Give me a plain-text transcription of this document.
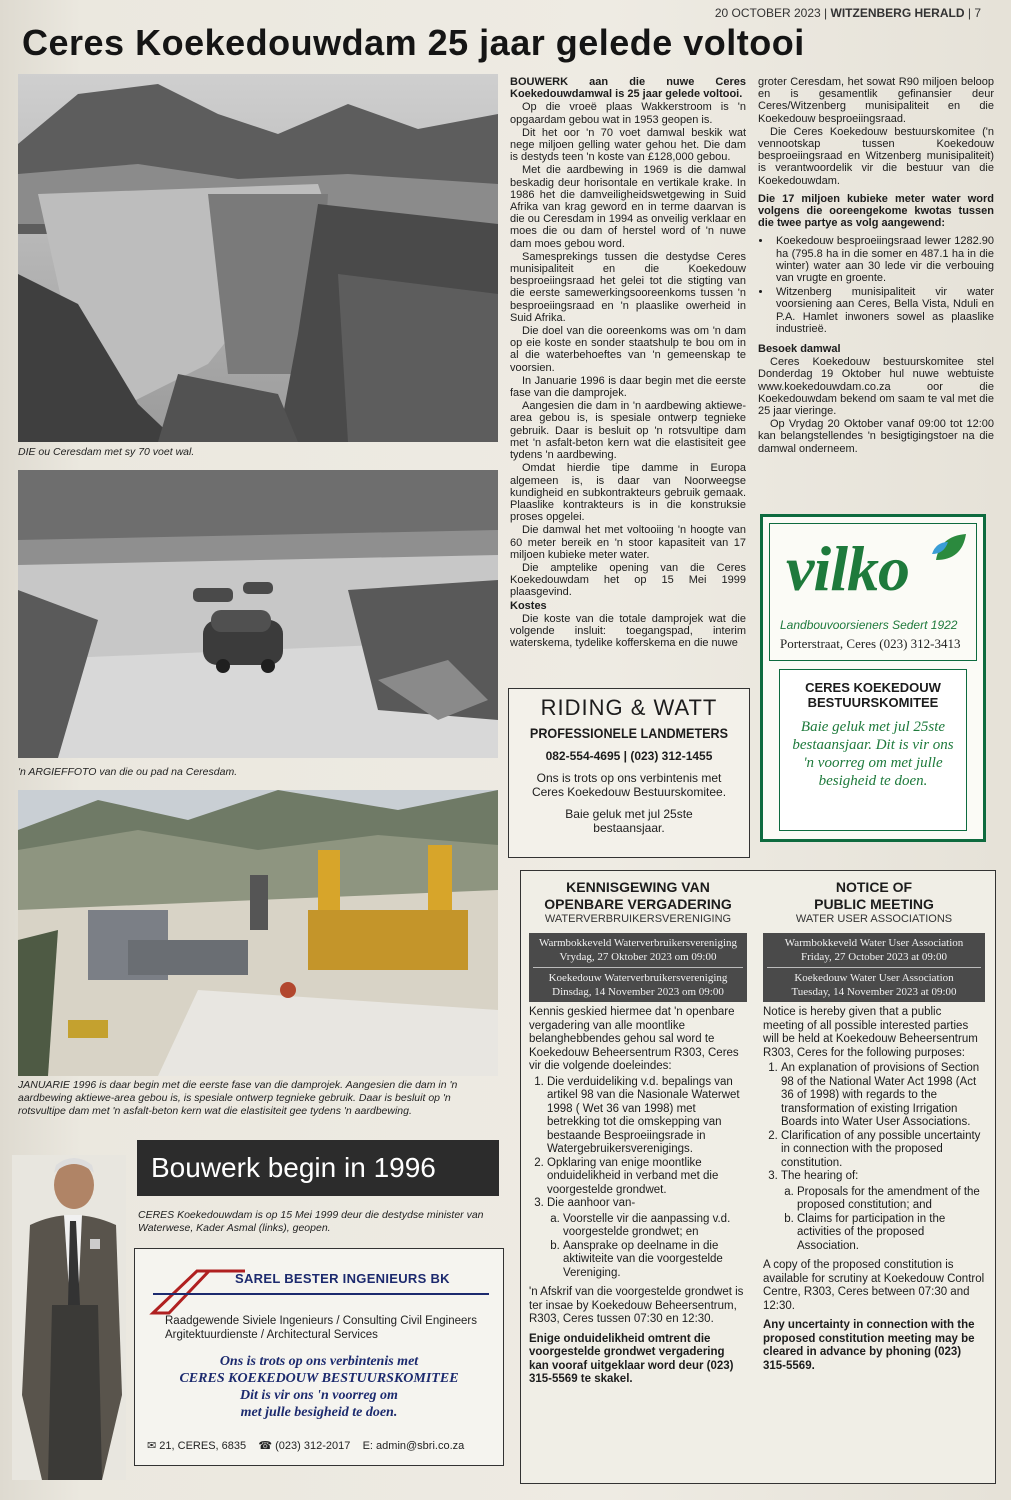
20 OCTOBER 2023 | WITZENBERG HERALD | 7
Ceres Koekedouwdam 25 jaar gelede voltooi
DIE ou Ceresdam met sy 70 voet wal.
'n ARGIEFFOTO van die ou pad na Ceresdam.
JANUARIE 1996 is daar begin met die eerste fase van die damprojek. Aangesien die dam in 'n aardbewing aktiewe-area gebou is, is spesiale ontwerp tegnieke gebruik. Daar is besluit op 'n rotsvultipe dam met 'n asfalt-beton kern wat die elastisiteit gee tydens 'n aardbewing.
Bouwerk begin in 1996
CERES Koekedouwdam is op 15 Mei 1999 deur die destydse minister van Waterwese, Kader Asmal (links), geopen.
SAREL BESTER INGENIEURS BK
Raadgewende Siviele Ingenieurs / Consulting Civil Engineers
Argitektuurdienste / Architectural Services
Ons is trots op ons verbintenis met
CERES KOEKEDOUW BESTUURSKOMITEE
Dit is vir ons 'n voorreg om
met julle besigheid te doen.
✉ 21, CERES, 6835 ☎ (023) 312-2017 E: admin@sbri.co.za

BOUWERK aan die nuwe Ceres Koekedouwdamwal is 25 jaar gelede voltooi.

Op die vroeë plaas Wakkerstroom is 'n opgaardam gebou wat in 1953 geopen is.

Dit het oor 'n 70 voet damwal beskik wat nege miljoen gelling water gehou het. Die dam is destyds teen 'n koste van £128,000 gebou.

Met die aardbewing in 1969 is die damwal beskadig deur horisontale en vertikale krake. In 1986 het die damveiligheidswetgewing in Suid Afrika van krag geword en in terme daarvan is die ou Ceresdam in 1994 as onveilig verklaar en moes die ou dam of herstel word of 'n nuwe dam moes gebou word.

Samesprekings tussen die destydse Ceres munisipaliteit en die Koekedouw besproeiingsraad het gelei tot die stigting van die eerste samewerkingsooreenkoms tussen 'n besproeiingsraad en 'n plaaslike owerheid in Suid Afrika.

Die doel van die ooreenkoms was om 'n dam op eie koste en sonder staatshulp te bou om in al die waterbehoeftes van 'n gemeenskap te voorsien.

In Januarie 1996 is daar begin met die eerste fase van die damprojek.

Aangesien die dam in 'n aardbewing aktiewe-area gebou is, is spesiale ontwerp tegnieke gebruik. Daar is besluit op 'n rotsvultipe dam met 'n asfalt-beton kern wat die elastisiteit gee tydens 'n aardbewing.

Omdat hierdie tipe damme in Europa algemeen is, is daar van Noorweegse kundigheid en subkontrakteurs gebruik gemaak. Plaaslike kontrakteurs is in die konstruksie proses opgelei.

Die damwal het met voltooiing 'n hoogte van 60 meter bereik en 'n stoor kapasiteit van 17 miljoen kubieke meter water.

Die amptelike opening van die Ceres Koekedouwdam het op 15 Mei 1999 plaasgevind.

Kostes

Die koste van die totale damprojek wat die volgende insluit: toegangspad, interim waterskema, tydelike kofferskema en die nuwe

groter Ceresdam, het sowat R90 miljoen beloop en is gesamentlik gefinansier deur Ceres/Witzenberg munisipaliteit en die Koekedouw besproeiingsraad.

Die Ceres Koekedouw bestuurskomitee ('n vennootskap tussen Koekedouw besproeiingsraad en Witzenberg munisipaliteit) is verantwoordelik vir die bestuur van die Koekedouwdam.

Die 17 miljoen kubieke meter water word volgens die ooreengekome kwotas tussen die twee partye as volg aangewend:

• Koekedouw besproeiingsraad lewer 1282.90 ha (795.8 ha in die somer en 487.1 ha in die winter) water aan 30 lede vir die verbouing van vrugte en groente.
• Witzenberg munisipaliteit vir water voorsiening aan Ceres, Bella Vista, Nduli en P.A. Hamlet inwoners sowel as plaaslike industrieë.

Besoek damwal

Ceres Koekedouw bestuurskomitee stel Donderdag 19 Oktober hul nuwe webtuiste www.koekedouwdam.co.za oor die Koekedouwdam bekend om saam te val met die 25 jaar vieringe.

Op Vrydag 20 Oktober vanaf 09:00 tot 12:00 kan belangstellendes 'n besigtigingstoer na die damwal onderneem.

RIDING & WATT
PROFESSIONELE LANDMETERS
082-554-4695 | (023) 312-1455
Ons is trots op ons verbintenis met Ceres Koekedouw Bestuurskomitee.
Baie geluk met jul 25ste bestaansjaar.
vilko
Landbouvoorsieners Sedert 1922
Porterstraat, Ceres (023) 312-3413
CERES KOEKEDOUW
BESTUURSKOMITEE
Baie geluk met jul 25ste bestaansjaar. Dit is vir ons 'n voorreg om met julle besigheid te doen.
KENNISGEWING VAN
OPENBARE VERGADERING
WATERVERBRUIKERSVERENIGING
Warmbokkeveld Waterverbruikersvereniging
Vrydag, 27 Oktober 2023 om 09:00
Koekedouw Waterverbruikersvereniging
Dinsdag, 14 November 2023 om 09:00
Kennis geskied hiermee dat 'n openbare vergadering van alle moontlike belanghebbendes gehou sal word te Koekedouw Beheersentrum R303, Ceres vir die volgende doeleindes:
1. Die verduideliking v.d. bepalings van artikel 98 van die Nasionale Waterwet 1998 ( Wet 36 van 1998) met betrekking tot die omskepping van bestaande Besproeiingsrade in Watergebruikersverenigings.
2. Opklaring van enige moontlike onduidelikheid in verband met die voorgestelde grondwet.
3. Die aanhoor van-
a. Voorstelle vir die aanpassing v.d. voorgestelde grondwet; en
b. Aansprake op deelname in die aktiwiteite van die voorgestelde Vereniging.
'n Afskrif van die voorgestelde grondwet is ter insae by Koekedouw Beheersentrum, R303, Ceres tussen 07:30 en 12:30.
Enige onduidelikheid omtrent die voorgestelde grondwet vergadering kan vooraf uitgeklaar word deur (023) 315-5569 te skakel.
NOTICE OF
PUBLIC MEETING
WATER USER ASSOCIATIONS
Warmbokkeveld Water User Association
Friday, 27 October 2023 at 09:00
Koekedouw Water User Association
Tuesday, 14 November 2023 at 09:00
Notice is hereby given that a public meeting of all possible interested parties will be held at Koekedouw Beheersentrum R303, Ceres for the following purposes:
1. An explanation of provisions of Section 98 of the National Water Act 1998 (Act 36 of 1998) with regards to the transformation of existing Irrigation Boards into Water User Associations.
2. Clarification of any possible uncertainty in connection with the proposed constitution.
3. The hearing of:
a. Proposals for the amendment of the proposed constitution; and
b. Claims for participation in the activities of the proposed Association.
A copy of the proposed constitution is available for scrutiny at Koekedouw Control Centre, R303, Ceres between 07:30 and 12:30.
Any uncertainty in connection with the proposed constitution meeting may be cleared in advance by phoning (023) 315-5569.
